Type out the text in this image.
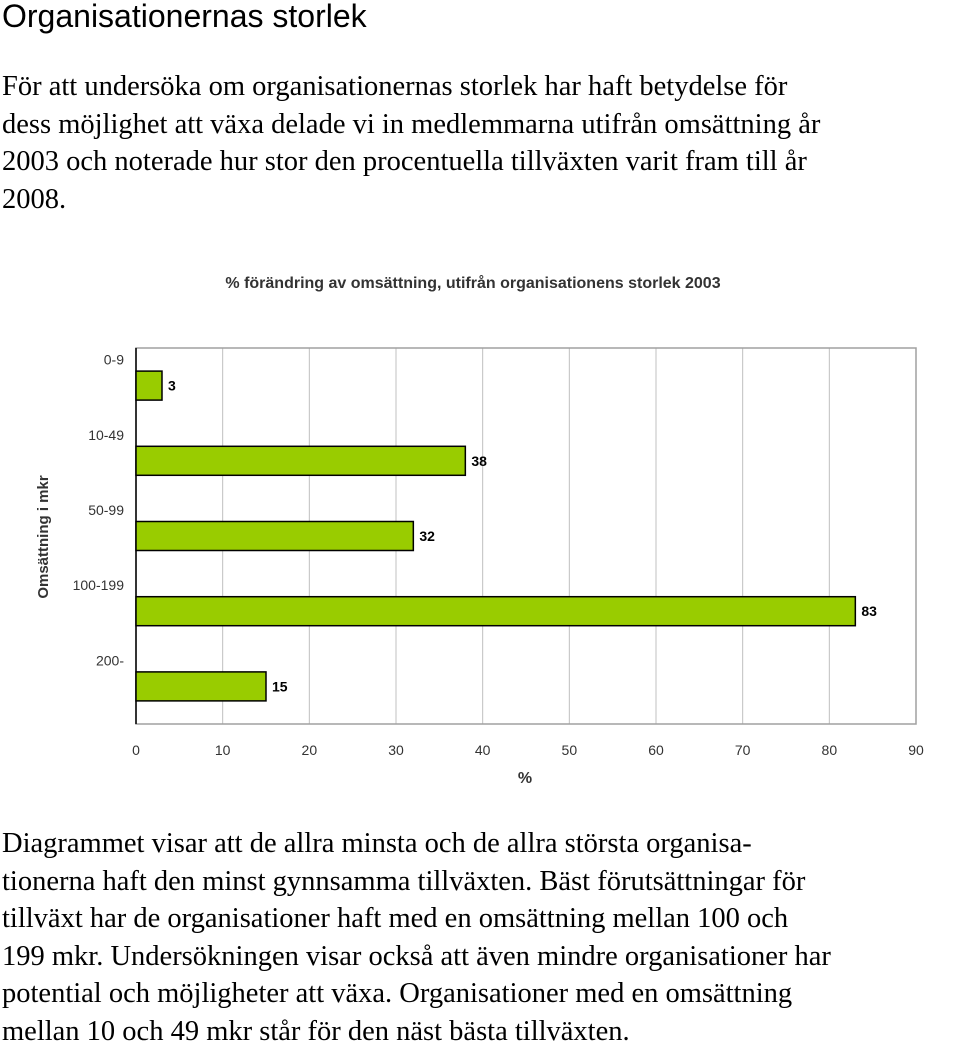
Organisationernas storlek

För att undersöka om organisationernas storlek har haft betydelse för
dess möjlighet att växa delade vi in medlemmarna utifrån omsättning år
2003 och noterade hur stor den procentuella tillväxten varit fram till år
2008.

% förändring av omsättning, utifrån organisationens storlek 2003
Omsättning i mkr
%
0	10	20	30	40	50	60	70	80	90
3
0-9
38
10-49
32
50-99
83
100-199
15
200-

Diagrammet visar att de allra minsta och de allra största organisa-
tionerna haft den minst gynnsamma tillväxten. Bäst förutsättningar för
tillväxt har de organisationer haft med en omsättning mellan 100 och
199 mkr. Undersökningen visar också att även mindre organisationer har
potential och möjligheter att växa. Organisationer med en omsättning
mellan 10 och 49 mkr står för den näst bästa tillväxten.
